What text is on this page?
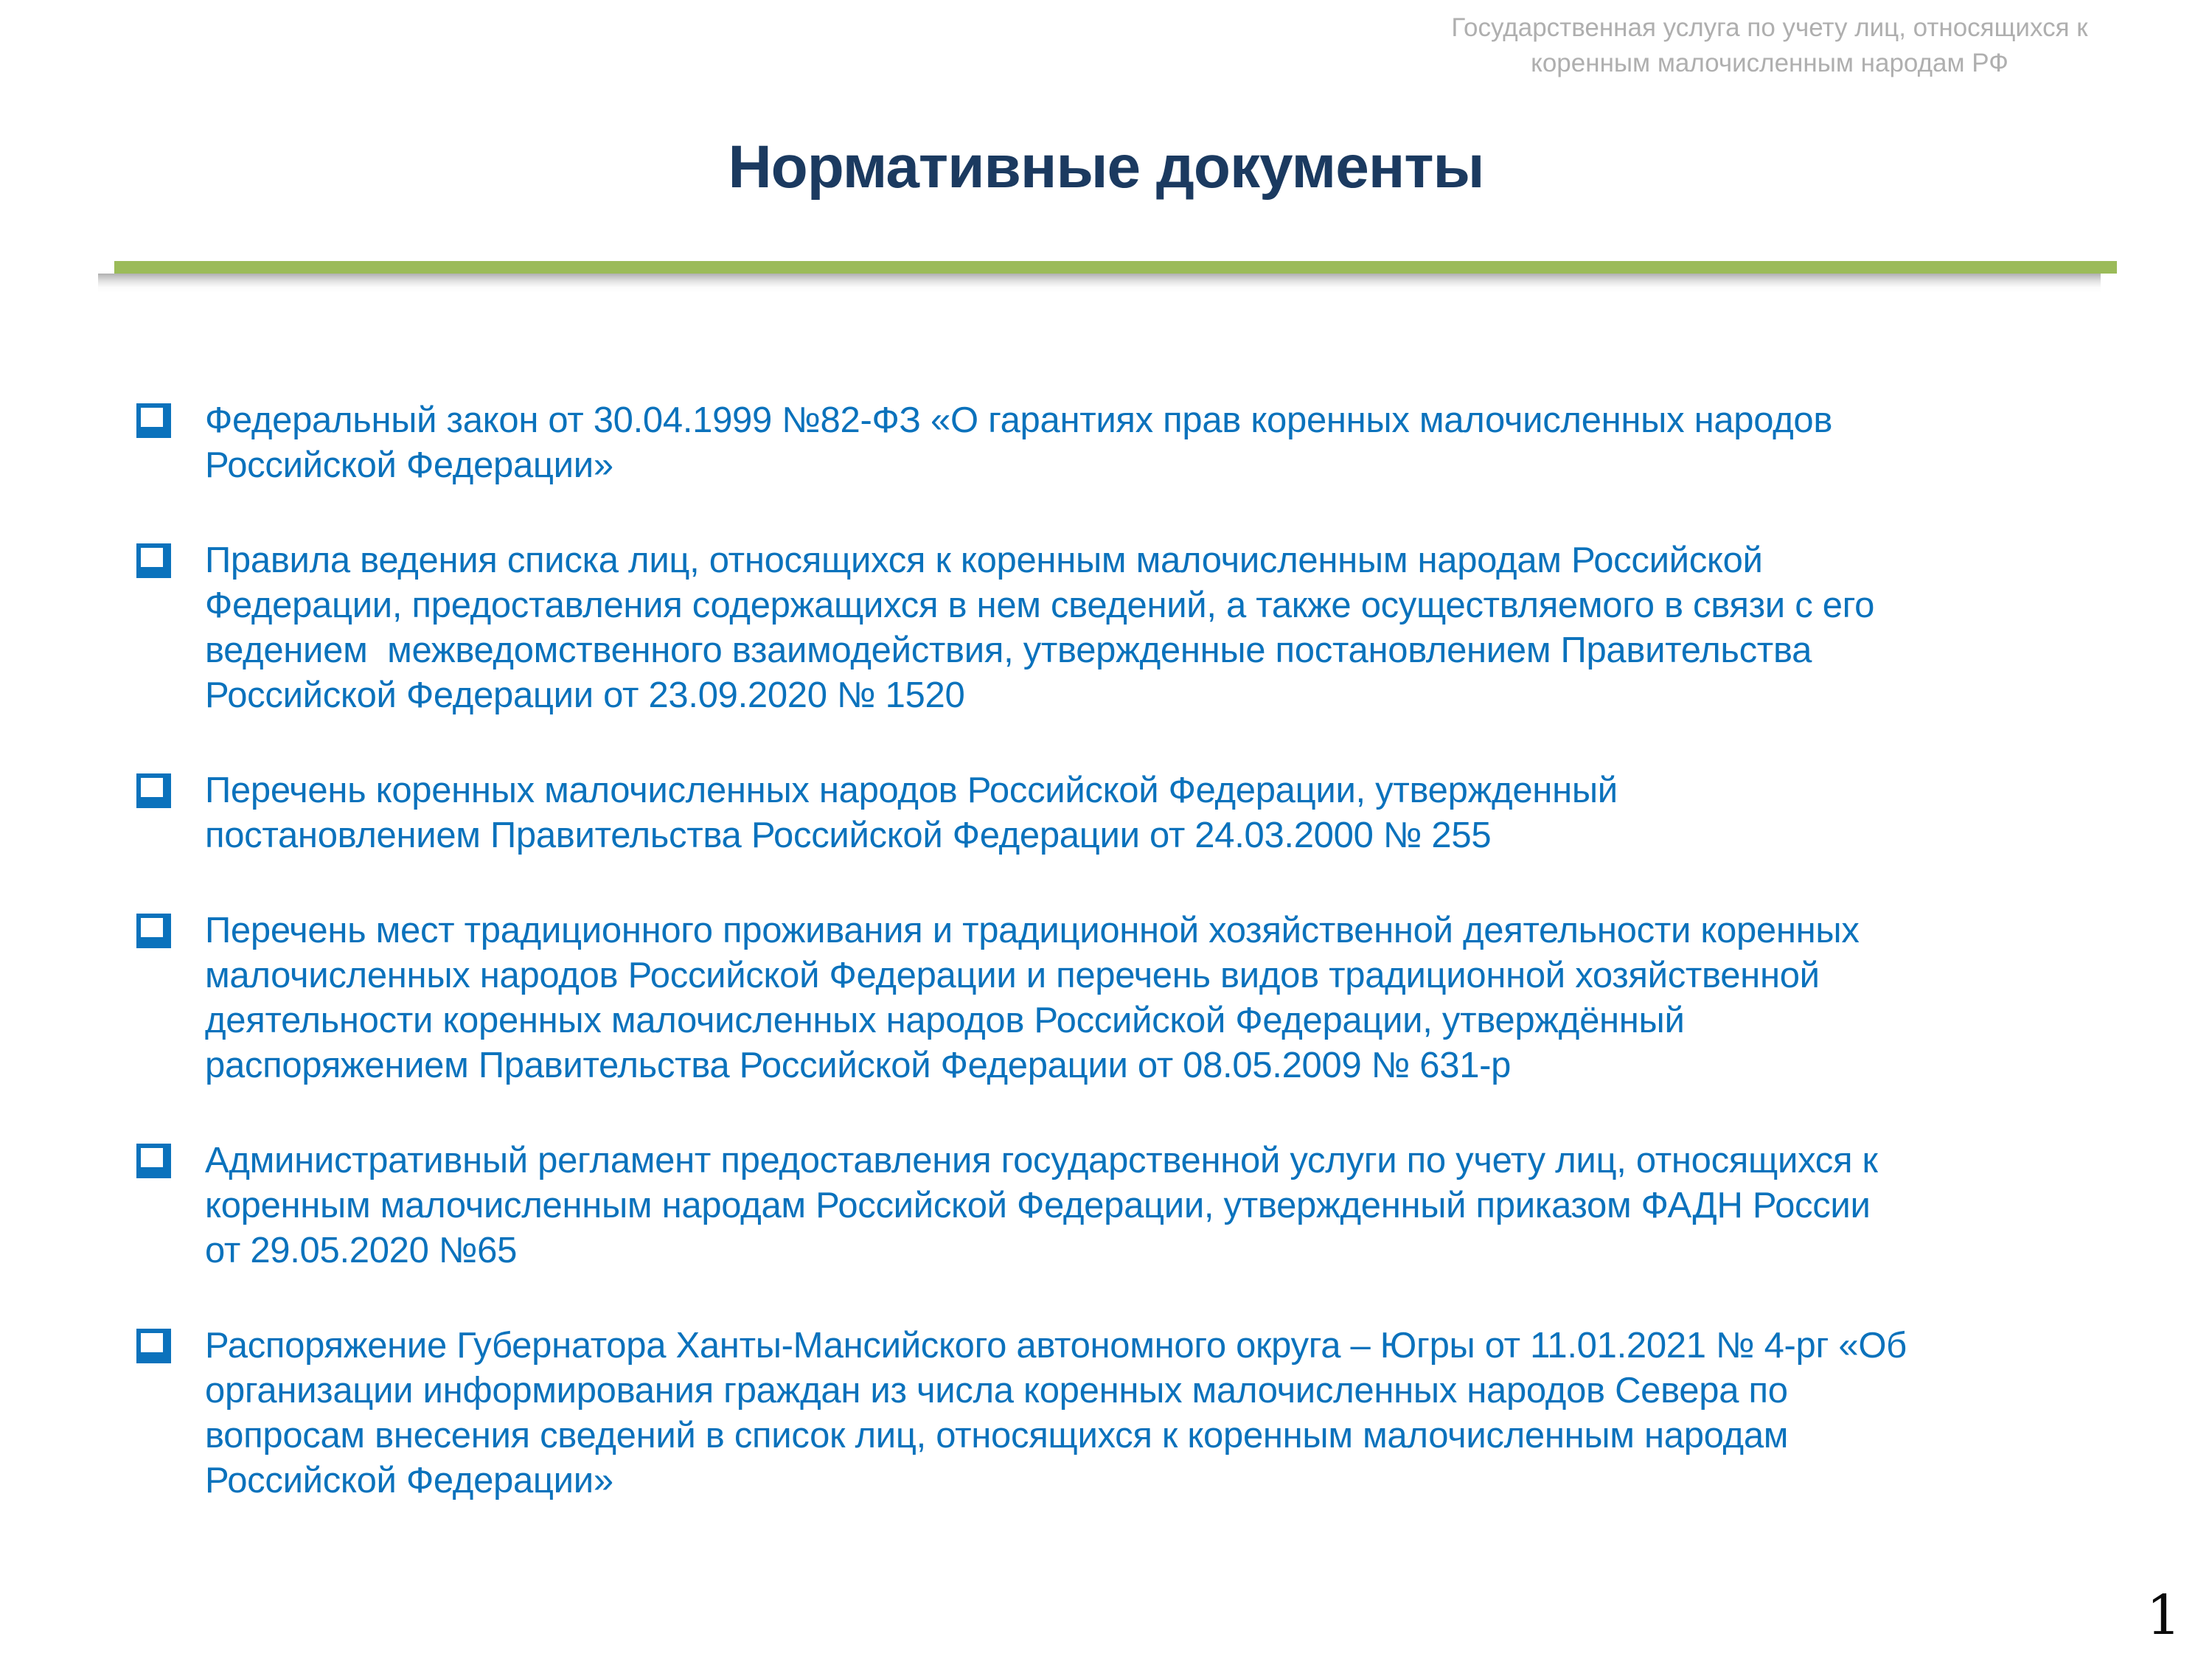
Государственная услуга по учету лиц, относящихся к
коренным малочисленным народам РФ
Нормативные документы
Федеральный закон от 30.04.1999 №82-ФЗ «О гарантиях прав коренных малочисленных народов
Российской Федерации»
Правила ведения списка лиц, относящихся к коренным малочисленным народам Российской
Федерации, предоставления содержащихся в нем сведений, а также осуществляемого в связи с его
ведением  межведомственного взаимодействия, утвержденные постановлением Правительства
Российской Федерации от 23.09.2020 № 1520
Перечень коренных малочисленных народов Российской Федерации, утвержденный
постановлением Правительства Российской Федерации от 24.03.2000 № 255
Перечень мест традиционного проживания и традиционной хозяйственной деятельности коренных
малочисленных народов Российской Федерации и перечень видов традиционной хозяйственной
деятельности коренных малочисленных народов Российской Федерации, утверждённый
распоряжением Правительства Российской Федерации от 08.05.2009 № 631-р
Административный регламент предоставления государственной услуги по учету лиц, относящихся к
коренным малочисленным народам Российской Федерации, утвержденный приказом ФАДН России
от 29.05.2020 №65
Распоряжение Губернатора Ханты-Мансийского автономного округа – Югры от 11.01.2021 № 4-рг «Об
организации информирования граждан из числа коренных малочисленных народов Севера по
вопросам внесения сведений в список лиц, относящихся к коренным малочисленным народам
Российской Федерации»
1
